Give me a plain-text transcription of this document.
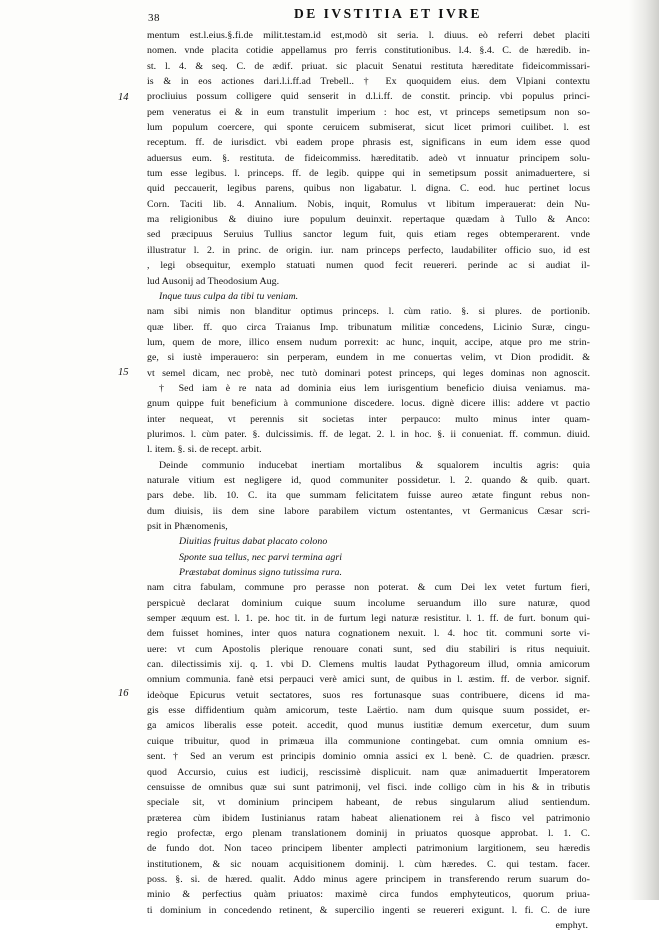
38	DE IVSTITIA ET IVRE
14
15
16
mentum est.l.eius.§.fi.de milit.testam.id est,modò sit seria. l. diuus. eò referri debet placiti
nomen. vnde placita cotidie appellamus pro ferris constitutionibus. l.4. §.4. C. de hæredib. in-
st. l. 4. & seq. C. de ædif. priuat. sic placuit Senatui restituta hæreditate fideicommissari-
is & in eos actiones dari.l.i.ff.ad Trebell.. † Ex quoquidem eius. dem Vlpiani contextu
procliuius possum colligere quid senserit in d.l.i.ff. de constit. princip. vbi populus princi-
pem veneratus ei & in eum transtulit imperium : hoc est, vt princeps semetipsum non so-
lum populum coercere, qui sponte ceruicem submiserat, sicut licet primori cuilibet. l. est
receptum. ff. de iurisdict. vbi eadem prope phrasis est, significans in eum idem esse quod
aduersus eum. §. restituta. de fideicommiss. hæreditatib. adeò vt innuatur principem solu-
tum esse legibus. l. princeps. ff. de legib. quippe qui in semetipsum possit animaduertere, si
quid peccauerit, legibus parens, quibus non ligabatur. l. digna. C. eod. huc pertinet locus
Corn. Taciti lib. 4. Annalium. Nobis, inquit, Romulus vt libitum imperauerat: dein Nu-
ma religionibus & diuino iure populum deuinxit. repertaque quædam à Tullo & Anco:
sed præcipuus Seruius Tullius sanctor legum fuit, quis etiam reges obtemperarent. vnde
illustratur l. 2. in princ. de origin. iur. nam princeps perfecto, laudabiliter officio suo, id est
, legi obsequitur, exemplo statuati numen quod fecit reuereri. perinde ac si audiat il-
lud Ausonij ad Theodosium Aug.
Inque tuus culpa da tibi tu veniam.
nam sibi nimis non blanditur optimus princeps. l. cùm ratio. §. si plures. de portionib.
quæ liber. ff. quo circa Traianus Imp. tribunatum militiæ concedens, Licinio Suræ, cingu-
lum, quem de more, illico ensem nudum porrexit: ac hunc, inquit, accipe, atque pro me strin-
ge, si iustè imperauero: sin perperam, eundem in me conuertas velim, vt Dion prodidit. &
vt semel dicam, nec probè, nec tutò dominari potest princeps, qui leges dominas non agnoscit.
† Sed iam è re nata ad dominia eius lem iurisgentium beneficio diuisa veniamus. ma-
gnum quippe fuit beneficium à communione discedere. locus. dignè dicere illis: addere vt pactio
inter nequeat, vt perennis sit societas inter perpauco: multo minus inter quam-
plurimos. l. cùm pater. §. dulcissimis. ff. de legat. 2. l. in hoc. §. ii conueniat. ff. commun. diuid.
l. item. §. si. de recept. arbit.
Deinde communio inducebat inertiam mortalibus & squalorem incultis agris: quia
naturale vitium est negligere id, quod communiter possidetur. l. 2. quando & quib. quart.
pars debe. lib. 10. C. ita que summam felicitatem fuisse aureo ætate fingunt rebus non-
dum diuisis, iis dem sine labore parabilem victum ostentantes, vt Germanicus Cæsar scri-
psit in Phænomenis,
Diuitias fruitus dabat placato colono
Sponte sua tellus, nec parvi termina agri
Præstabat dominus signo tutissima rura.
nam citra fabulam, commune pro perasse non poterat. & cum Dei lex vetet furtum fieri,
perspicuè declarat dominium cuique suum incolume seruandum illo sure naturæ, quod
semper æquum est. l. 1. pe. hoc tit. in de furtum legi naturæ resistitur. l. 1. ff. de furt. bonum qui-
dem fuisset homines, inter quos natura cognationem nexuit. l. 4. hoc tit. communi sorte vi-
uere: vt cum Apostolis plerique renouare conati sunt, sed diu stabiliri is ritus nequiuit.
can. dilectissimis xij. q. 1. vbi D. Clemens multis laudat Pythagoreum illud, omnia amicorum
omnium communia. fanè etsi perpauci verè amici sunt, de quibus in l. æstim. ff. de verbor. signif.
ideòque Epicurus vetuit sectatores, suos res fortunasque suas contribuere, dicens id ma-
gis esse diffidentium quàm amicorum, teste Laërtio. nam dum quisque suum possidet, er-
ga amicos liberalis esse poteit. accedit, quod munus iustitiæ demum exercetur, dum suum
cuique tribuitur, quod in primæua illa communione contingebat. cum omnia omnium es-
sent. † Sed an verum est principis dominio omnia assici ex l. benè. C. de quadrien. præscr.
quod Accursio, cuius est iudicij, rescissimè displicuit. nam quæ animaduertit Imperatorem
censuisse de omnibus quæ sui sunt patrimonij, vel fisci. inde colligo cùm in his & in tributis
speciale sit, vt dominium principem habeant, de rebus singularum aliud sentiendum.
præterea cùm ibidem Iustinianus ratam habeat alienationem rei à fisco vel patrimonio
regio profectæ, ergo plenam translationem dominij in priuatos quosque approbat. l. 1. C.
de fundo dot. Non taceo principem libenter amplecti patrimonium largitionem, seu hæredis
institutionem, & sic nouam acquisitionem dominij. l. cùm hæredes. C. qui testam. facer.
poss. §. si. de hæred. qualit. Addo minus agere principem in transferendo rerum suarum do-
minio & perfectius quàm priuatos: maximè circa fundos emphyteuticos, quorum priua-
ti dominium in concedendo retinent, & supercilio ingenti se reuereri exigunt. l. fi. C. de iure
emphyt.
